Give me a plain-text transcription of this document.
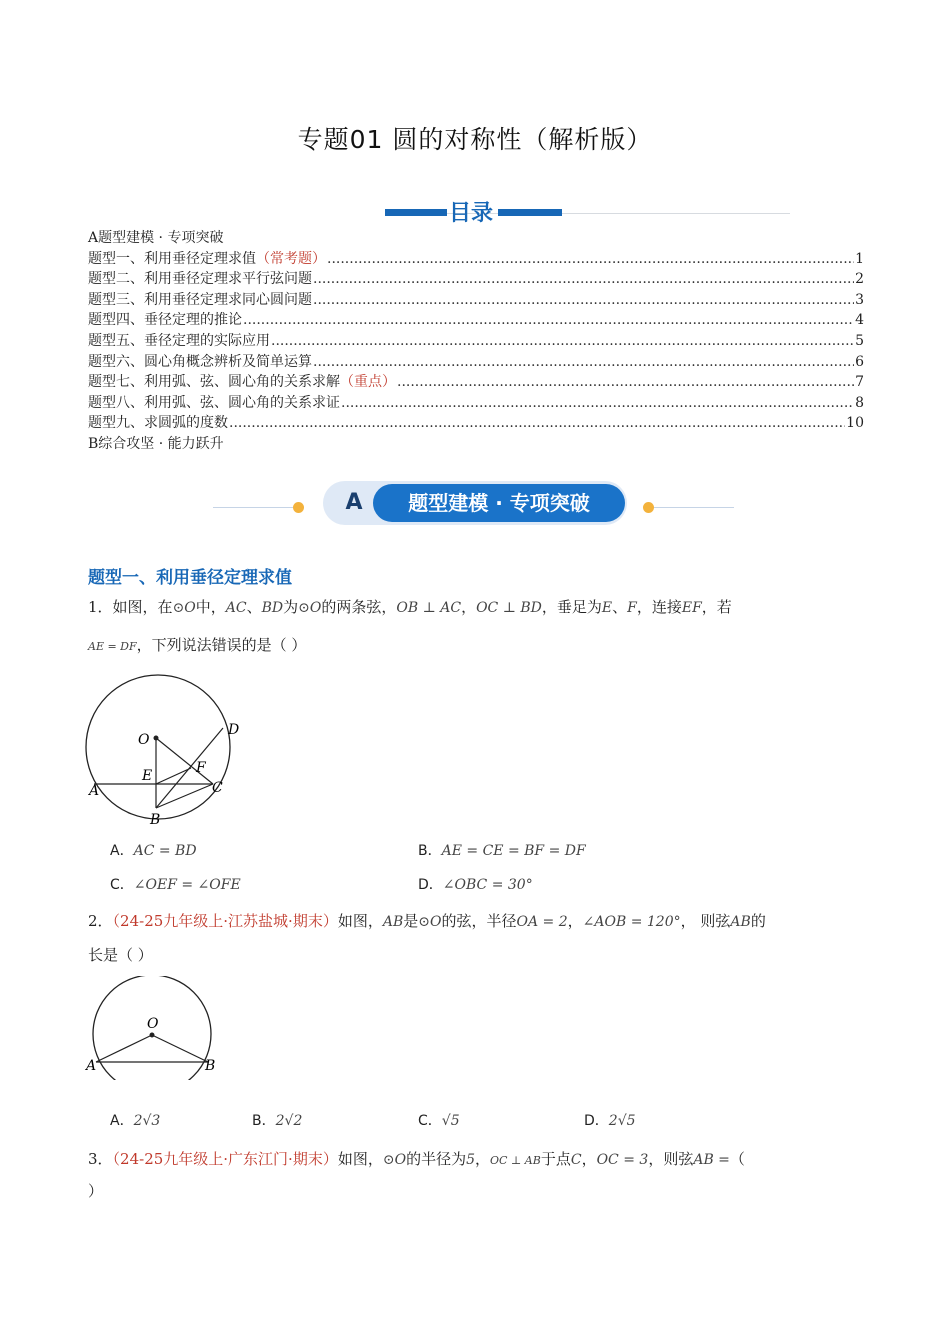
专题01 圆的对称性（解析版）
目录
A题型建模 · 专项突破
题型一、利用垂径定理求值 （常考题） .....	1
题型二、利用垂径定理求平行弦问题 .....	2
题型三、利用垂径定理求同心圆问题 .....	3
题型四、垂径定理的推论 .....	4
题型五、垂径定理的实际应用 .....	5
题型六、圆心角概念辨析及简单运算 .....	6
题型七、利用弧、弦、圆心角的关系求解 （重点） .....	7
题型八、利用弧、弦、圆心角的关系求证 .....	8
题型九、求圆弧的度数 .....	10
B综合攻坚 · 能力跃升
A	题型建模 · 专项突破
题型一、利用垂径定理求值
1．如图，在⊙O中，AC、BD为⊙O的两条弦，OB ⊥ AC，OC ⊥ BD，垂足为E、F，连接EF，若
AE = DF，下列说法错误的是（ ）
O
D
E	F
A	C
B
A．AC = BD	B．AE = CE = BF = DF
C．∠OEF = ∠OFE	D．∠OBC = 30°
2．（24-25九年级上·江苏盐城·期末）如图，AB是⊙O的弦，半径OA = 2，∠AOB = 120°， 则弦AB的
长是（ ）
O
A	B
A．2√3	B．2√2	C．√5	D．2√5
3．（24-25九年级上·广东江门·期末）如图，⊙O的半径为5，OC ⊥ AB于点C，OC = 3，则弦AB =（
）
